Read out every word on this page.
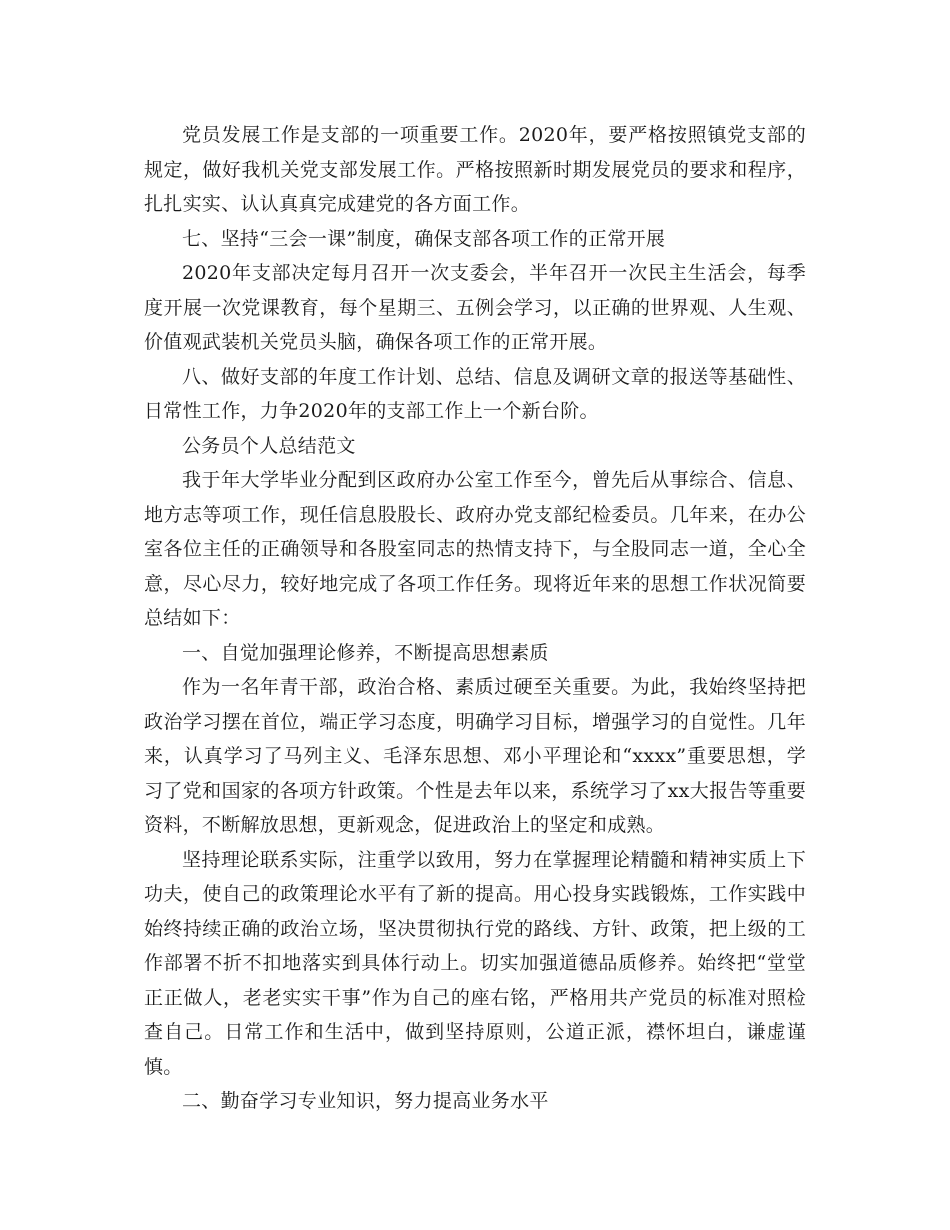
党员发展工作是支部的一项重要工作。2020年，要严格按照镇党支部的规定，做好我机关党支部发展工作。严格按照新时期发展党员的要求和程序，扎扎实实、认认真真完成建党的各方面工作。

七、坚持“三会一课”制度，确保支部各项工作的正常开展

2020年支部决定每月召开一次支委会，半年召开一次民主生活会，每季度开展一次党课教育，每个星期三、五例会学习，以正确的世界观、人生观、价值观武装机关党员头脑，确保各项工作的正常开展。

八、做好支部的年度工作计划、总结、信息及调研文章的报送等基础性、日常性工作，力争2020年的支部工作上一个新台阶。

公务员个人总结范文

我于年大学毕业分配到区政府办公室工作至今，曾先后从事综合、信息、地方志等项工作，现任信息股股长、政府办党支部纪检委员。几年来，在办公室各位主任的正确领导和各股室同志的热情支持下，与全股同志一道，全心全意，尽心尽力，较好地完成了各项工作任务。现将近年来的思想工作状况简要总结如下：

一、自觉加强理论修养，不断提高思想素质

作为一名年青干部，政治合格、素质过硬至关重要。为此，我始终坚持把政治学习摆在首位，端正学习态度，明确学习目标，增强学习的自觉性。几年来，认真学习了马列主义、毛泽东思想、邓小平理论和“xxxx”重要思想，学习了党和国家的各项方针政策。个性是去年以来，系统学习了xx大报告等重要资料，不断解放思想，更新观念，促进政治上的坚定和成熟。

坚持理论联系实际，注重学以致用，努力在掌握理论精髓和精神实质上下功夫，使自己的政策理论水平有了新的提高。用心投身实践锻炼，工作实践中始终持续正确的政治立场，坚决贯彻执行党的路线、方针、政策，把上级的工作部署不折不扣地落实到具体行动上。切实加强道德品质修养。始终把“堂堂正正做人，老老实实干事”作为自己的座右铭，严格用共产党员的标准对照检查自己。日常工作和生活中，做到坚持原则，公道正派，襟怀坦白，谦虚谨慎。

二、勤奋学习专业知识，努力提高业务水平
